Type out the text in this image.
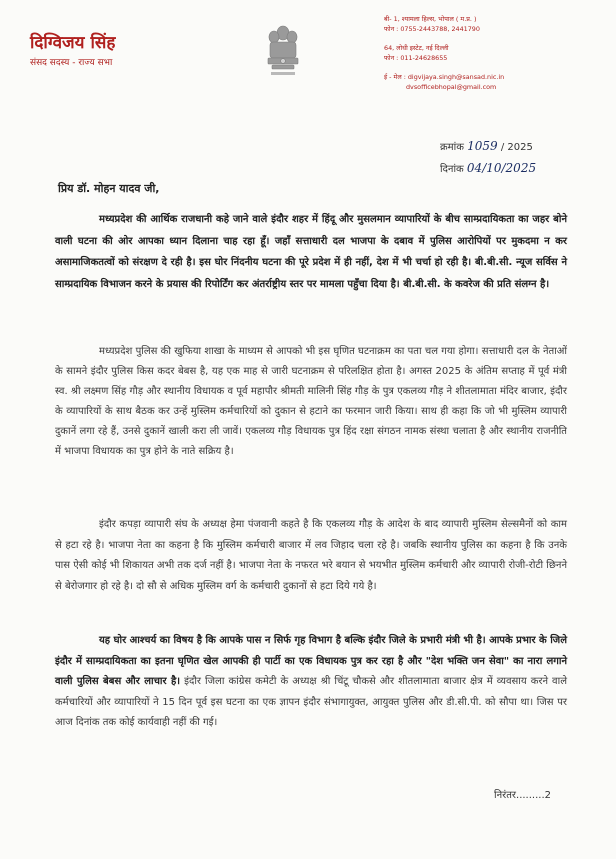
दिग्विजय सिंह
संसद सदस्य - राज्य सभा
बी- 1, श्यामला हिल्स, भोपाल ( म.प्र. )
फोन : 0755-2443788, 2441790
64, लोधी इस्टेट, नई दिल्ली
फोन : 011-24628655
ई - मेल : digvijaya.singh@sansad.nic.in
dvsofficebhopal@gmail.com
क्रमांक 1059 / 2025
दिनांक 04/10/2025
प्रिय डॉ. मोहन यादव जी,

मध्यप्रदेश की आर्थिक राजधानी कहे जाने वाले इंदौर शहर में हिंदू और मुसलमान व्यापारियों के बीच साम्प्रदायिकता का जहर बोने वाली घटना की ओर आपका ध्यान दिलाना चाह रहा हूँ। जहाँ सत्ताधारी दल भाजपा के दबाव में पुलिस आरोपियों पर मुकदमा न कर असामाजिकतत्वों को संरक्षण दे रही है। इस घोर निंदनीय घटना की पूरे प्रदेश में ही नहीं, देश में भी चर्चा हो रही है। बी.बी.सी. न्यूज सर्विस ने साम्प्रदायिक विभाजन करने के प्रयास की रिपोर्टिंग कर अंतर्राष्ट्रीय स्तर पर मामला पहुँचा दिया है। बी.बी.सी. के कवरेज की प्रति संलग्न है।

मध्यप्रदेश पुलिस की खुफिया शाखा के माध्यम से आपको भी इस घृणित घटनाक्रम का पता चल गया होगा। सत्ताधारी दल के नेताओं के सामने इंदौर पुलिस किस कदर बेबस है, यह एक माह से जारी घटनाक्रम से परिलक्षित होता है। अगस्त 2025 के अंतिम सप्ताह में पूर्व मंत्री स्व. श्री लक्ष्मण सिंह गौड़ और स्थानीय विधायक व पूर्व महापौर श्रीमती मालिनी सिंह गौड़ के पुत्र एकलव्य गौड़ ने शीतलामाता मंदिर बाजार, इंदौर के व्यापारियों के साथ बैठक कर उन्हें मुस्लिम कर्मचारियों को दुकान से हटाने का फरमान जारी किया। साथ ही कहा कि जो भी मुस्लिम व्यापारी दुकानें लगा रहे हैं, उनसे दुकानें खाली करा ली जावें। एकलव्य गौड़ विधायक पुत्र हिंद रक्षा संगठन नामक संस्था चलाता है और स्थानीय राजनीति में भाजपा विधायक का पुत्र होने के नाते सक्रिय है।

इंदौर कपड़ा व्यापारी संघ के अध्यक्ष हेमा पंजवानी कहते है कि एकलव्य गौड़ के आदेश के बाद व्यापारी मुस्लिम सेल्समैनों को काम से हटा रहे है। भाजपा नेता का कहना है कि मुस्लिम कर्मचारी बाजार में लव जिहाद चला रहे है। जबकि स्थानीय पुलिस का कहना है कि उनके पास ऐसी कोई भी शिकायत अभी तक दर्ज नहीं है। भाजपा नेता के नफरत भरे बयान से भयभीत मुस्लिम कर्मचारी और व्यापारी रोजी-रोटी छिनने से बेरोजगार हो रहे है। दो सौ से अधिक मुस्लिम वर्ग के कर्मचारी दुकानों से हटा दिये गये है।

यह घोर आश्चर्य का विषय है कि आपके पास न सिर्फ गृह विभाग है बल्कि इंदौर जिले के प्रभारी मंत्री भी है। आपके प्रभार के जिले इंदौर में साम्प्रदायिकता का इतना घृणित खेल आपकी ही पार्टी का एक विधायक पुत्र कर रहा है और "देश भक्ति जन सेवा" का नारा लगाने वाली पुलिस बेबस और लाचार है। इंदौर जिला कांग्रेस कमेटी के अध्यक्ष श्री चिंटू चौकसे और शीतलामाता बाजार क्षेत्र में व्यवसाय करने वाले कर्मचारियों और व्यापारियों ने 15 दिन पूर्व इस घटना का एक ज्ञापन इंदौर संभागायुक्त, आयुक्त पुलिस और डी.सी.पी. को सौपा था। जिस पर आज दिनांक तक कोई कार्यवाही नहीं की गई।

निरंतर.........2
